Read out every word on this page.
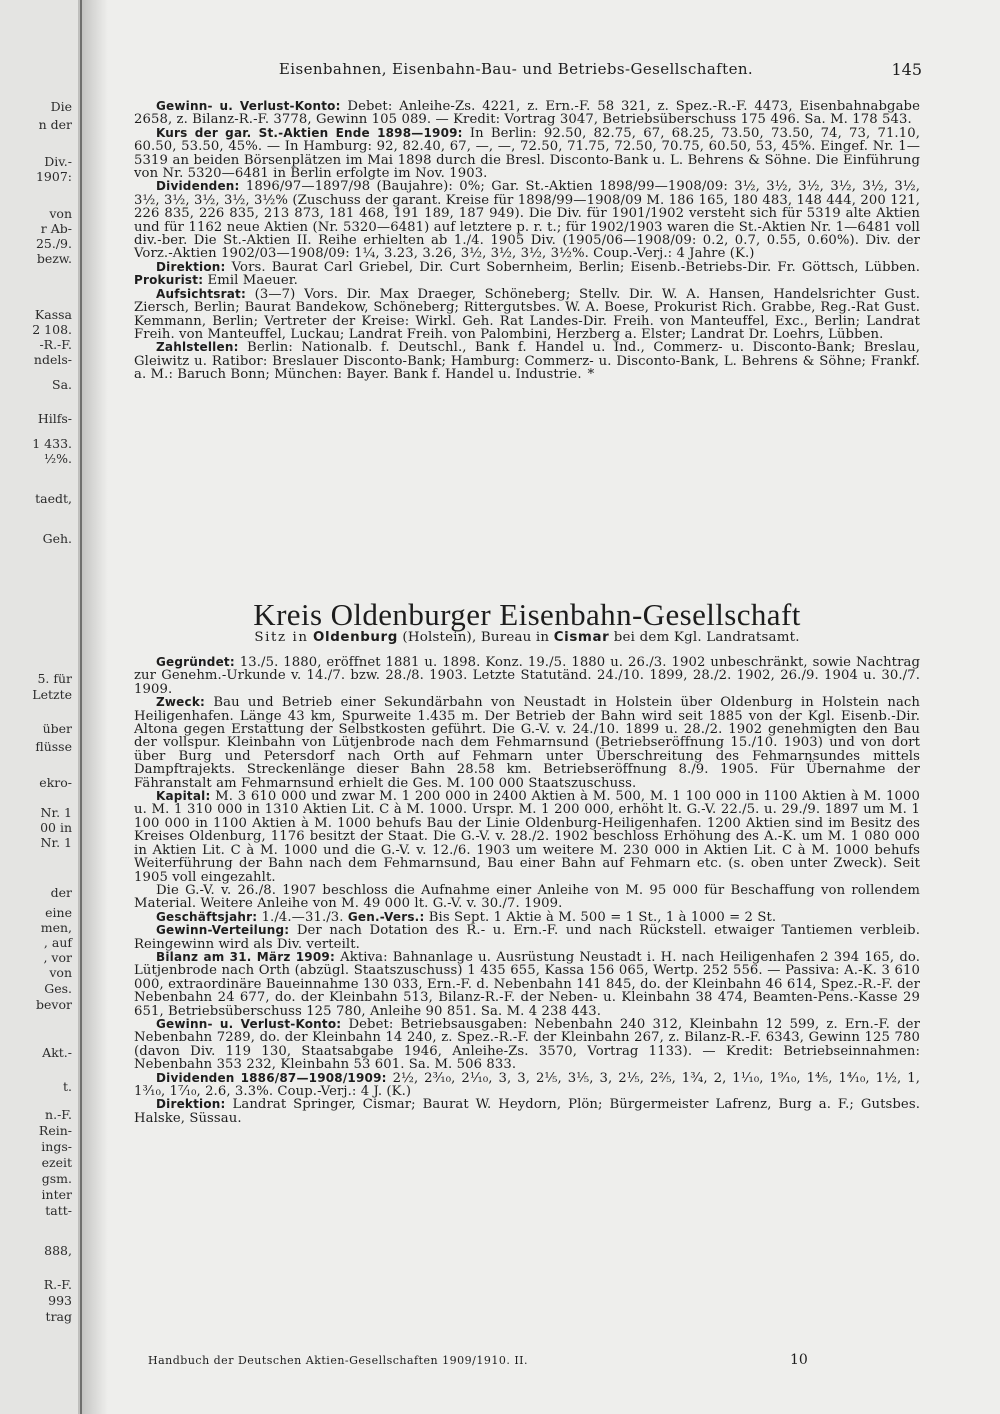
Die
n der
Div.-
1907:
von
r Ab-
25./9.
bezw.
Kassa
2 108.
-R.-F.
ndels-
Sa.
Hilfs-
1 433.
½%.
taedt,
Geh.
5. für
Letzte
über
flüsse
ekro-
Nr. 1
00 in
Nr. 1
der
eine
men,
, auf
, vor
von
Ges.
bevor
Akt.-
t.
n.-F.
Rein-
ings-
ezeit
gsm.
inter
tatt-
888,
R.-F.
993
trag
Eisenbahnen, Eisenbahn-Bau- und Betriebs-Gesellschaften.	145

Gewinn- u. Verlust-Konto: Debet: Anleihe-Zs. 4221, z. Ern.-F. 58 321, z. Spez.-R.-F. 4473, Eisenbahnabgabe 2658, z. Bilanz-R.-F. 3778, Gewinn 105 089. — Kredit: Vortrag 3047, Betriebsüberschuss 175 496. Sa. M. 178 543.

Kurs der gar. St.-Aktien Ende 1898—1909: In Berlin: 92.50, 82.75, 67, 68.25, 73.50, 73.50, 74, 73, 71.10, 60.50, 53.50, 45%. — In Hamburg: 92, 82.40, 67, —, —, 72.50, 71.75, 72.50, 70.75, 60.50, 53, 45%. Eingef. Nr. 1—5319 an beiden Börsenplätzen im Mai 1898 durch die Bresl. Disconto-Bank u. L. Behrens & Söhne. Die Einführung von Nr. 5320—6481 in Berlin erfolgte im Nov. 1903.

Dividenden: 1896/97—1897/98 (Baujahre): 0%; Gar. St.-Aktien 1898/99—1908/09: 3½, 3½, 3½, 3½, 3½, 3½, 3½, 3½, 3½, 3½, 3½% (Zuschuss der garant. Kreise für 1898/99—1908/09 M. 186 165, 180 483, 148 444, 200 121, 226 835, 226 835, 213 873, 181 468, 191 189, 187 949). Die Div. für 1901/1902 versteht sich für 5319 alte Aktien und für 1162 neue Aktien (Nr. 5320—6481) auf letztere p. r. t.; für 1902/1903 waren die St.-Aktien Nr. 1—6481 voll div.-ber. Die St.-Aktien II. Reihe erhielten ab 1./4. 1905 Div. (1905/06—1908/09: 0.2, 0.7, 0.55, 0.60%). Div. der Vorz.-Aktien 1902/03—1908/09: 1¼, 3.23, 3.26, 3½, 3½, 3½, 3½%. Coup.-Verj.: 4 Jahre (K.)

Direktion: Vors. Baurat Carl Griebel, Dir. Curt Sobernheim, Berlin; Eisenb.-Betriebs-Dir. Fr. Göttsch, Lübben. Prokurist: Emil Maeuer.

Aufsichtsrat: (3—7) Vors. Dir. Max Draeger, Schöneberg; Stellv. Dir. W. A. Hansen, Handelsrichter Gust. Ziersch, Berlin; Baurat Bandekow, Schöneberg; Rittergutsbes. W. A. Boese, Prokurist Rich. Grabbe, Reg.-Rat Gust. Kemmann, Berlin; Vertreter der Kreise: Wirkl. Geh. Rat Landes-Dir. Freih. von Manteuffel, Exc., Berlin; Landrat Freih. von Manteuffel, Luckau; Landrat Freih. von Palombini, Herzberg a. Elster; Landrat Dr. Loehrs, Lübben.

Zahlstellen: Berlin: Nationalb. f. Deutschl., Bank f. Handel u. Ind., Commerz- u. Disconto-Bank; Breslau, Gleiwitz u. Ratibor: Breslauer Disconto-Bank; Hamburg: Commerz- u. Disconto-Bank, L. Behrens & Söhne; Frankf. a. M.: Baruch Bonn; München: Bayer. Bank f. Handel u. Industrie. *

Kreis Oldenburger Eisenbahn-Gesellschaft
Sitz in Oldenburg (Holstein), Bureau in Cismar bei dem Kgl. Landratsamt.

Gegründet: 13./5. 1880, eröffnet 1881 u. 1898. Konz. 19./5. 1880 u. 26./3. 1902 unbeschränkt, sowie Nachtrag zur Genehm.-Urkunde v. 14./7. bzw. 28./8. 1903. Letzte Statutänd. 24./10. 1899, 28./2. 1902, 26./9. 1904 u. 30./7. 1909.

Zweck: Bau und Betrieb einer Sekundärbahn von Neustadt in Holstein über Oldenburg in Holstein nach Heiligenhafen. Länge 43 km, Spurweite 1.435 m. Der Betrieb der Bahn wird seit 1885 von der Kgl. Eisenb.-Dir. Altona gegen Erstattung der Selbstkosten geführt. Die G.-V. v. 24./10. 1899 u. 28./2. 1902 genehmigten den Bau der vollspur. Kleinbahn von Lütjenbrode nach dem Fehmarnsund (Betriebseröffnung 15./10. 1903) und von dort über Burg und Petersdorf nach Orth auf Fehmarn unter Überschreitung des Fehmarnsundes mittels Dampftrajekts. Streckenlänge dieser Bahn 28.58 km. Betriebseröffnung 8./9. 1905. Für Übernahme der Fähranstalt am Fehmarnsund erhielt die Ges. M. 100 000 Staatszuschuss.

Kapital: M. 3 610 000 und zwar M. 1 200 000 in 2400 Aktien à M. 500, M. 1 100 000 in 1100 Aktien à M. 1000 u. M. 1 310 000 in 1310 Aktien Lit. C à M. 1000. Urspr. M. 1 200 000, erhöht lt. G.-V. 22./5. u. 29./9. 1897 um M. 1 100 000 in 1100 Aktien à M. 1000 behufs Bau der Linie Oldenburg-Heiligenhafen. 1200 Aktien sind im Besitz des Kreises Oldenburg, 1176 besitzt der Staat. Die G.-V. v. 28./2. 1902 beschloss Erhöhung des A.-K. um M. 1 080 000 in Aktien Lit. C à M. 1000 und die G.-V. v. 12./6. 1903 um weitere M. 230 000 in Aktien Lit. C à M. 1000 behufs Weiterführung der Bahn nach dem Fehmarnsund, Bau einer Bahn auf Fehmarn etc. (s. oben unter Zweck). Seit 1905 voll eingezahlt.

Die G.-V. v. 26./8. 1907 beschloss die Aufnahme einer Anleihe von M. 95 000 für Beschaffung von rollendem Material. Weitere Anleihe von M. 49 000 lt. G.-V. v. 30./7. 1909.

Geschäftsjahr: 1./4.—31./3. Gen.-Vers.: Bis Sept. 1 Aktie à M. 500 = 1 St., 1 à 1000 = 2 St.

Gewinn-Verteilung: Der nach Dotation des R.- u. Ern.-F. und nach Rückstell. etwaiger Tantiemen verbleib. Reingewinn wird als Div. verteilt.

Bilanz am 31. März 1909: Aktiva: Bahnanlage u. Ausrüstung Neustadt i. H. nach Heiligenhafen 2 394 165, do. Lütjenbrode nach Orth (abzügl. Staatszuschuss) 1 435 655, Kassa 156 065, Wertp. 252 556. — Passiva: A.-K. 3 610 000, extraordinäre Baueinnahme 130 033, Ern.-F. d. Nebenbahn 141 845, do. der Kleinbahn 46 614, Spez.-R.-F. der Nebenbahn 24 677, do. der Kleinbahn 513, Bilanz-R.-F. der Neben- u. Kleinbahn 38 474, Beamten-Pens.-Kasse 29 651, Betriebsüberschuss 125 780, Anleihe 90 851. Sa. M. 4 238 443.

Gewinn- u. Verlust-Konto: Debet: Betriebsausgaben: Nebenbahn 240 312, Kleinbahn 12 599, z. Ern.-F. der Nebenbahn 7289, do. der Kleinbahn 14 240, z. Spez.-R.-F. der Kleinbahn 267, z. Bilanz-R.-F. 6343, Gewinn 125 780 (davon Div. 119 130, Staatsabgabe 1946, Anleihe-Zs. 3570, Vortrag 1133). — Kredit: Betriebseinnahmen: Nebenbahn 353 232, Kleinbahn 53 601. Sa. M. 506 833.

Dividenden 1886/87—1908/1909: 2½, 2³⁄₁₀, 2¹⁄₁₀, 3, 3, 2¹⁄₅, 3¹⁄₅, 3, 2¹⁄₅, 2²⁄₅, 1³⁄₄, 2, 1¹⁄₁₀, 1⁹⁄₁₀, 1⁴⁄₅, 1⁴⁄₁₀, 1½, 1, 1³⁄₁₀, 1⁷⁄₁₀, 2.6, 3.3%. Coup.-Verj.: 4 J. (K.)

Direktion: Landrat Springer, Cismar; Baurat W. Heydorn, Plön; Bürgermeister Lafrenz, Burg a. F.; Gutsbes. Halske, Süssau.

Handbuch der Deutschen Aktien-Gesellschaften 1909/1910. II.	10
